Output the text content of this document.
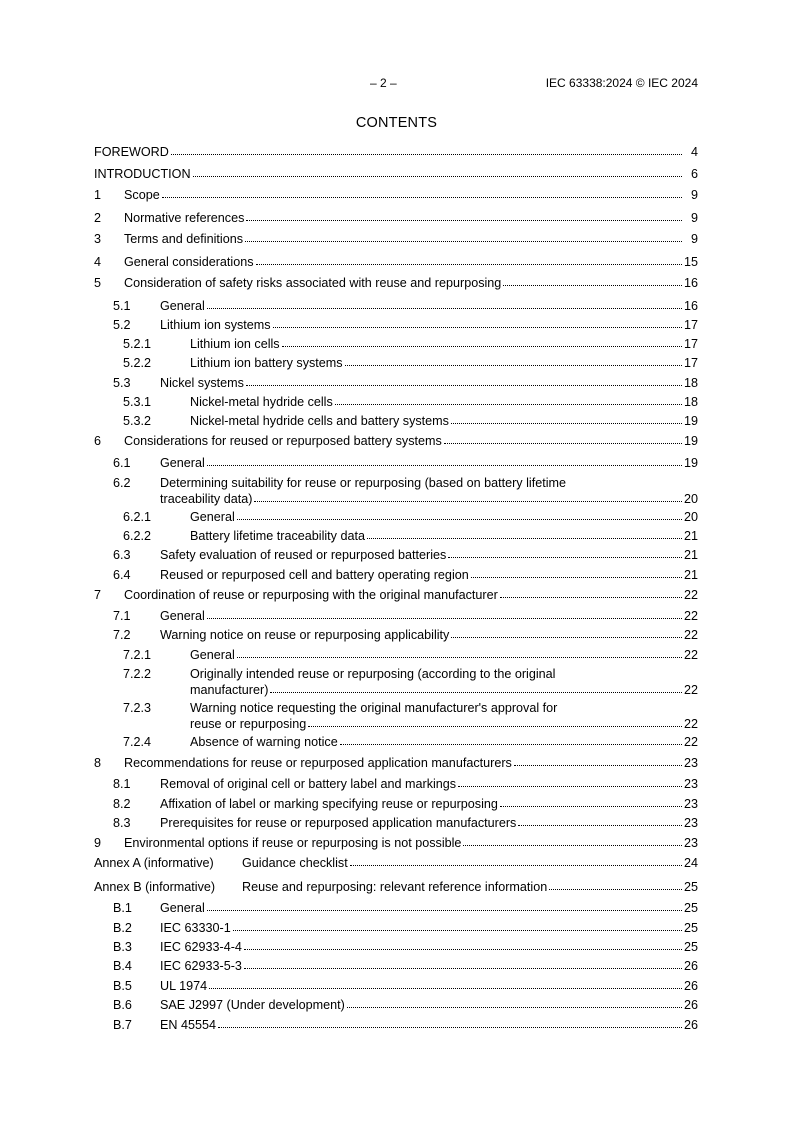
– 2 –	IEC 63338:2024 © IEC 2024
CONTENTS
FOREWORD	4
INTRODUCTION	6
1 Scope	9
2 Normative references	9
3 Terms and definitions	9
4 General considerations	15
5 Consideration of safety risks associated with reuse and repurposing	16
5.1 General	16
5.2 Lithium ion systems	17
5.2.1	Lithium ion cells	17
5.2.2	Lithium ion battery systems	17
5.3 Nickel systems	18
5.3.1	Nickel-metal hydride cells	18
5.3.2	Nickel-metal hydride cells and battery systems	19
6 Considerations for reused or repurposed battery systems	19
6.1 General	19
6.2 Determining suitability for reuse or repurposing (based on battery lifetime
traceability data)	20
6.2.1	General	20
6.2.2	Battery lifetime traceability data	21
6.3 Safety evaluation of reused or repurposed batteries	21
6.4 Reused or repurposed cell and battery operating region	21
7 Coordination of reuse or repurposing with the original manufacturer	22
7.1 General	22
7.2 Warning notice on reuse or repurposing applicability	22
7.2.1	General	22
7.2.2	Originally intended reuse or repurposing (according to the original
manufacturer)	22
7.2.3	Warning notice requesting the original manufacturer's approval for
reuse or repurposing	22
7.2.4	Absence of warning notice	22
8 Recommendations for reuse or repurposed application manufacturers	23
8.1 Removal of original cell or battery label and markings	23
8.2 Affixation of label or marking specifying reuse or repurposing	23
8.3 Prerequisites for reuse or repurposed application manufacturers	23
9 Environmental options if reuse or repurposing is not possible	23
Annex A (informative) Guidance checklist	24
Annex B (informative) Reuse and repurposing: relevant reference information	25
B.1 General	25
B.2 IEC 63330-1	25
B.3 IEC 62933-4-4	25
B.4 IEC 62933-5-3	26
B.5 UL 1974	26
B.6 SAE J2997 (Under development)	26
B.7 EN 45554	26
